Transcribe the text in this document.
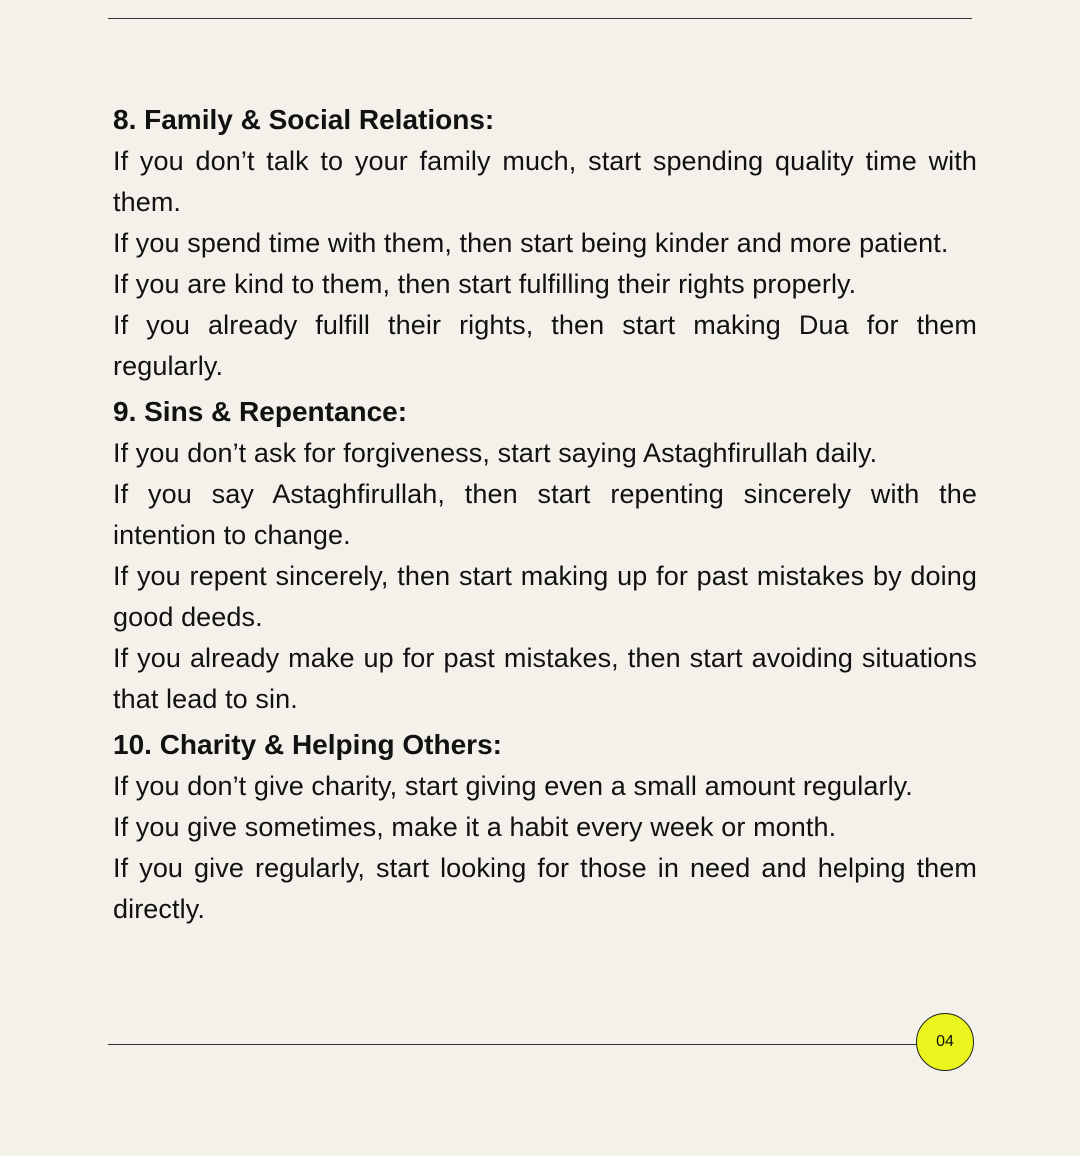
8. Family & Social Relations:

If you don’t talk to your family much, start spending quality time with them.

If you spend time with them, then start being kinder and more patient.

If you are kind to them, then start fulfilling their rights properly.

If you already fulfill their rights, then start making Dua for them regularly.

9. Sins & Repentance:

If you don’t ask for forgiveness, start saying Astaghfirullah daily.

If you say Astaghfirullah, then start repenting sincerely with the intention to change.

If you repent sincerely, then start making up for past mistakes by doing good deeds.

If you already make up for past mistakes, then start avoiding situations that lead to sin.

10. Charity & Helping Others:

If you don’t give charity, start giving even a small amount regularly.

If you give sometimes, make it a habit every week or month.

If you give regularly, start looking for those in need and helping them directly.

04
